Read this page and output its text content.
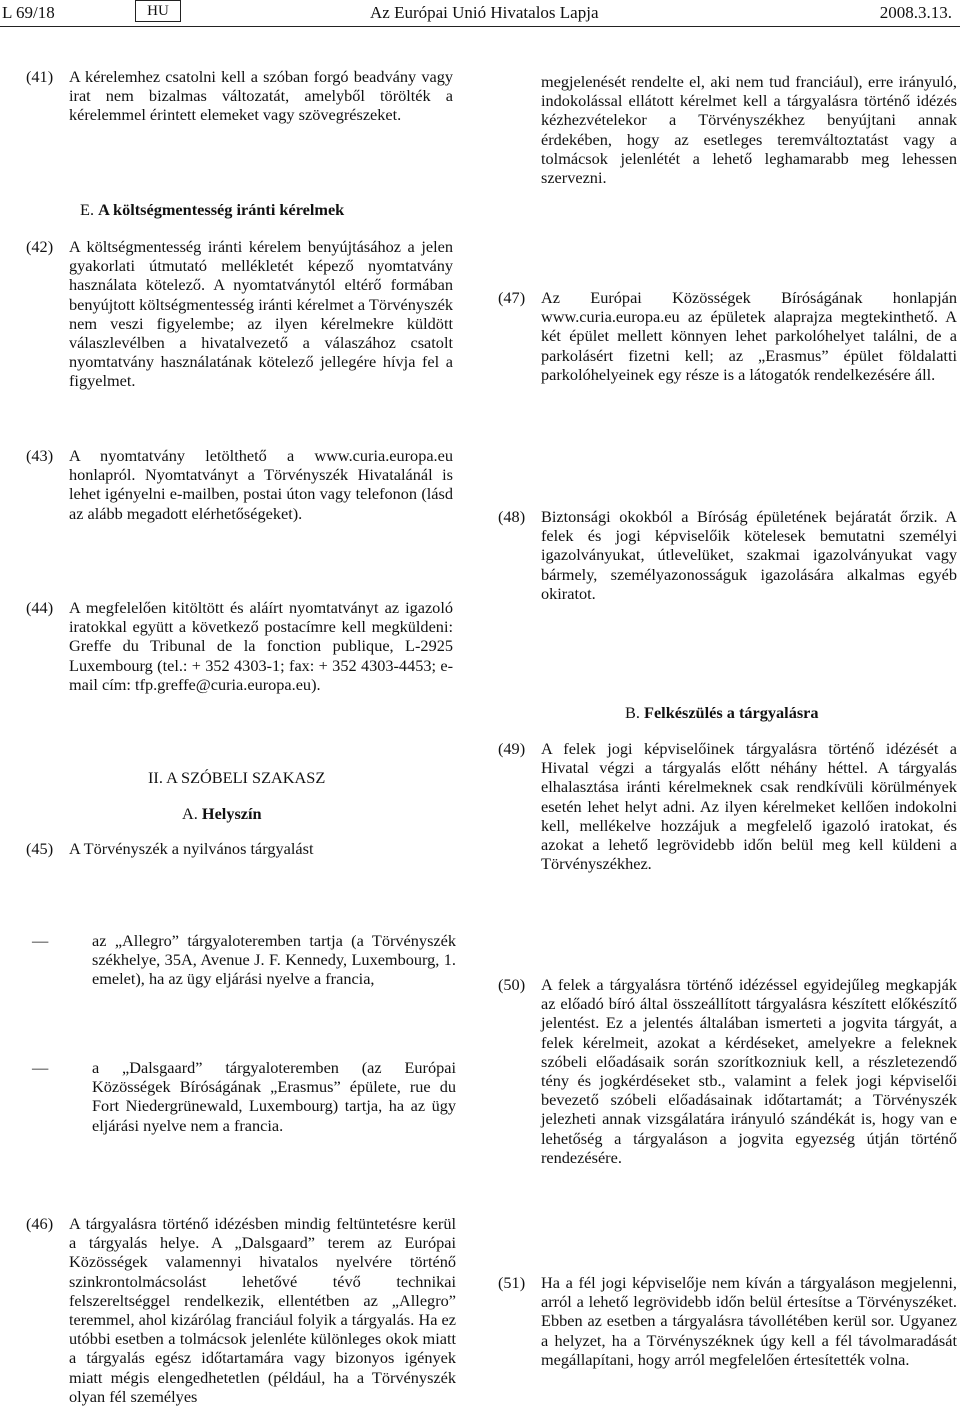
L 69/18	HU	Az Európai Unió Hivatalos Lapja	2008.3.13.
(41) A kérelemhez csatolni kell a szóban forgó beadvány vagy irat nem bizalmas változatát, amelyből törölték a kérelemmel érintett elemeket vagy szövegrészeket.
E. A költségmentesség iránti kérelmek
(42) A költségmentesség iránti kérelem benyújtásához a jelen gyakorlati útmutató mellékletét képező nyomtatvány használata kötelező. A nyomtatványtól eltérő formában benyújtott költségmentesség iránti kérelmet a Törvényszék nem veszi figyelembe; az ilyen kérelmekre küldött válaszlevélben a hivatalvezető a válaszához csatolt nyomtatvány használatának kötelező jellegére hívja fel a figyelmet.
(43) A nyomtatvány letölthető a www.curia.europa.eu honlapról. Nyomtatványt a Törvényszék Hivatalánál is lehet igényelni e-mailben, postai úton vagy telefonon (lásd az alább megadott elérhetőségeket).
(44) A megfelelően kitöltött és aláírt nyomtatványt az igazoló iratokkal együtt a következő postacímre kell megküldeni: Greffe du Tribunal de la fonction publique, L-2925 Luxembourg (tel.: + 352 4303-1; fax: + 352 4303-4453; e-mail cím: tfp.greffe@curia.europa.eu).
II. A SZÓBELI SZAKASZ
A. Helyszín
(45) A Törvényszék a nyilvános tárgyalást
—	az „Allegro” tárgyaloteremben tartja (a Törvényszék székhelye, 35A, Avenue J. F. Kennedy, Luxembourg, 1. emelet), ha az ügy eljárási nyelve a francia,
—	a „Dalsgaard” tárgyaloteremben (az Európai Közösségek Bíróságának „Erasmus” épülete, rue du Fort Niedergrünewald, Luxembourg) tartja, ha az ügy eljárási nyelve nem a francia.
(46) A tárgyalásra történő idézésben mindig feltüntetésre kerül a tárgyalás helye. A „Dalsgaard” terem az Európai Közösségek valamennyi hivatalos nyelvére történő szinkrontolmácsolást lehetővé tévő technikai felszereltséggel rendelkezik, ellentétben az „Allegro” teremmel, ahol kizárólag franciául folyik a tárgyalás. Ha ez utóbbi esetben a tolmácsok jelenléte különleges okok miatt a tárgyalás egész időtartamára vagy bizonyos igények miatt mégis elengedhetetlen (például, ha a Törvényszék olyan fél személyes
megjelenését rendelte el, aki nem tud franciául), erre irányuló, indokolással ellátott kérelmet kell a tárgyalásra történő idézés kézhezvételekor a Törvényszékhez benyújtani annak érdekében, hogy az esetleges teremváltoztatást vagy a tolmácsok jelenlétét a lehető leghamarabb meg lehessen szervezni.
(47) Az Európai Közösségek Bíróságának honlapján www.curia.europa.eu az épületek alaprajza megtekinthető. A két épület mellett könnyen lehet parkolóhelyet találni, de a parkolásért fizetni kell; az „Erasmus” épület földalatti parkolóhelyeinek egy része is a látogatók rendelkezésére áll.
(48) Biztonsági okokból a Bíróság épületének bejáratát őrzik. A felek és jogi képviselőik kötelesek bemutatni személyi igazolványukat, útlevelüket, szakmai igazolványukat vagy bármely, személyazonosságuk igazolására alkalmas egyéb okiratot.
B. Felkészülés a tárgyalásra
(49) A felek jogi képviselőinek tárgyalásra történő idézését a Hivatal végzi a tárgyalás előtt néhány héttel. A tárgyalás elhalasztása iránti kérelmeknek csak rendkívüli körülmények esetén lehet helyt adni. Az ilyen kérelmeket kellően indokolni kell, mellékelve hozzájuk a megfelelő igazoló iratokat, és azokat a lehető legrövidebb időn belül meg kell küldeni a Törvényszékhez.
(50) A felek a tárgyalásra történő idézéssel egyidejűleg megkapják az előadó bíró által összeállított tárgyalásra készített előkészítő jelentést. Ez a jelentés általában ismerteti a jogvita tárgyát, a felek kérelmeit, azokat a kérdéseket, amelyekre a feleknek szóbeli előadásaik során szorítkozniuk kell, a részletezendő tény és jogkérdéseket stb., valamint a felek jogi képviselői bevezető szóbeli előadásainak időtartamát; a Törvényszék jelezheti annak vizsgálatára irányuló szándékát is, hogy van e lehetőség a tárgyaláson a jogvita egyezség útján történő rendezésére.
(51) Ha a fél jogi képviselője nem kíván a tárgyaláson megjelenni, arról a lehető legrövidebb időn belül értesítse a Törvényszéket. Ebben az esetben a tárgyalásra távollétében kerül sor. Ugyanez a helyzet, ha a Törvényszéknek úgy kell a fél távolmaradását megállapítani, hogy arról megfelelően értesítették volna.
